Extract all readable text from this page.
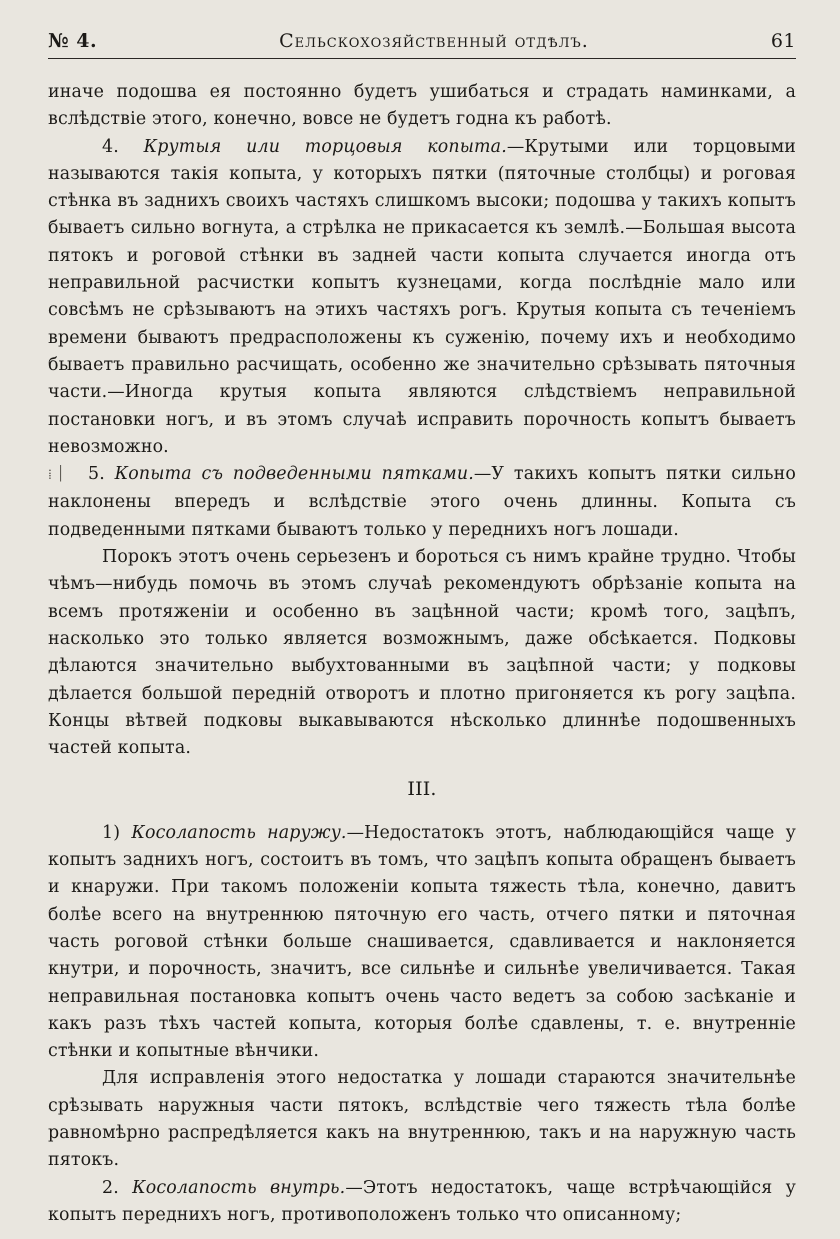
№ 4.	Сельскохозяйственный отдѣлъ.	61

иначе подошва ея постоянно будетъ ушибаться и страдать наминками, а вслѣдствіе этого, конечно, вовсе не будетъ годна къ работѣ.

4. Крутыя или торцовыя копыта.—Крутыми или торцовыми называются такія копыта, у которыхъ пятки (пяточные столбцы) и роговая стѣнка въ заднихъ своихъ частяхъ слишкомъ высоки; подошва у такихъ копытъ бываетъ сильно вогнута, а стрѣлка не прикасается къ землѣ.—Большая высота пятокъ и роговой стѣнки въ задней части копыта случается иногда отъ неправильной расчистки копытъ кузнецами, когда послѣдніе мало или совсѣмъ не срѣзываютъ на этихъ частяхъ рогъ. Крутыя копыта съ теченіемъ времени бываютъ предрасположены къ суженію, почему ихъ и необходимо бываетъ правильно расчищать, особенно же значительно срѣзывать пяточныя части.—Иногда крутыя копыта являются слѣдствіемъ неправильной постановки ногъ, и въ этомъ случаѣ исправить порочность копытъ бываетъ невозможно.

⁞ ׀ 5. Копыта съ подведенными пятками.—У такихъ копытъ пятки сильно наклонены впередъ и вслѣдствіе этого очень длинны. Копыта съ подведенными пятками бываютъ только у переднихъ ногъ лошади.

Порокъ этотъ очень серьезенъ и бороться съ нимъ крайне трудно. Чтобы чѣмъ—нибудь помочь въ этомъ случаѣ рекомендуютъ обрѣзаніе копыта на всемъ протяженіи и особенно въ зацѣнной части; кромѣ того, зацѣпъ, насколько это только является возможнымъ, даже обсѣкается. Подковы дѣлаются значительно выбухтованными въ зацѣпной части; у подковы дѣлается большой передній отворотъ и плотно пригоняется къ рогу зацѣпа. Концы вѣтвей подковы выкавываются нѣсколько длиннѣе подошвенныхъ частей копыта.

III.

1) Косолапость наружу.—Недостатокъ этотъ, наблюдающійся чаще у копытъ заднихъ ногъ, состоитъ въ томъ, что зацѣпъ копыта обращенъ бываетъ и кнаружи. При такомъ положеніи копыта тяжесть тѣла, конечно, давитъ болѣе всего на внутреннюю пяточную его часть, отчего пятки и пяточная часть роговой стѣнки больше снашивается, сдавливается и наклоняется кнутри, и порочность, значитъ, все сильнѣе и сильнѣе увеличивается. Такая неправильная постановка копытъ очень часто ведетъ за собою засѣканіе и какъ разъ тѣхъ частей копыта, которыя болѣе сдавлены, т. е. внутренніе стѣнки и копытные вѣнчики.

Для исправленія этого недостатка у лошади стараются значительнѣе срѣзывать наружныя части пятокъ, вслѣдствіе чего тяжесть тѣла болѣе равномѣрно распредѣляется какъ на внутреннюю, такъ и на наружную часть пятокъ.

2. Косолапость внутрь.—Этотъ недостатокъ, чаще встрѣчающійся у копытъ переднихъ ногъ, противоположенъ только что описанному;
